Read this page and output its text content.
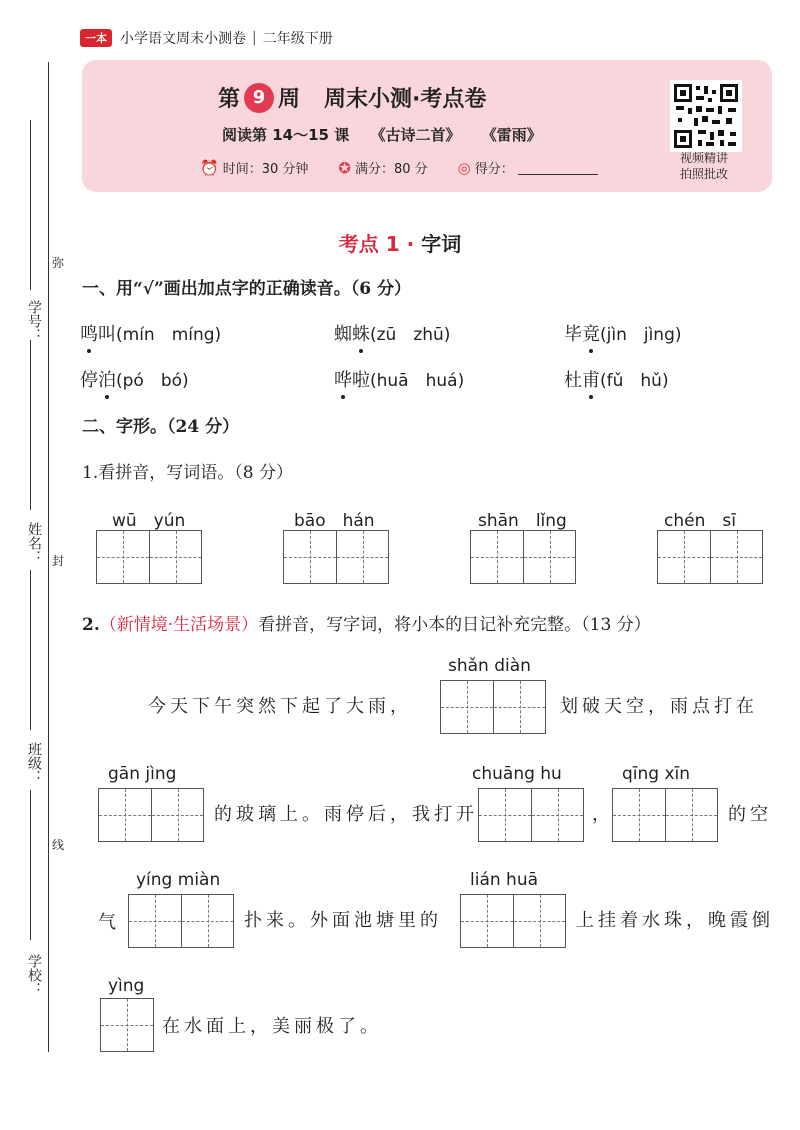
一本 小学语文周末小测卷 | 二年级下册
第 9 周 周末小测·考点卷
阅读第 14～15 课 《古诗二首》 《雷雨》
⏰ 时间：30 分钟 ✪ 满分：80 分 ◎ 得分：
视频精讲
拍照批改
考点 1 · 字词
一、用“√”画出加点字的正确读音。（6 分）
鸣叫(mín　míng)	蜘蛛(zū　zhū)	毕竟(jìn　jìng)
停泊(pó　bó)	哗啦(huā　huá)	杜甫(fǔ　hǔ)
二、字形。（24 分）
1.看拼音，写词语。（8 分）
wū　yún	bāo　hán	shān　lǐng	chén　sī
2.（新情境·生活场景）看拼音，写字词，将小本的日记补充完整。（13 分）
shǎn diàn
今天下午突然下起了大雨，	划破天空，雨点打在
gān jìng
的玻璃上。雨停后，我打开
chuāng hu
，
qīng xīn
的空
气
yíng miàn
扑来。外面池塘里的
lián huā
上挂着水珠，晚霞倒
yìng
在水面上，美丽极了。
学号：
姓名：
班级：
学校：
弥
封
线
